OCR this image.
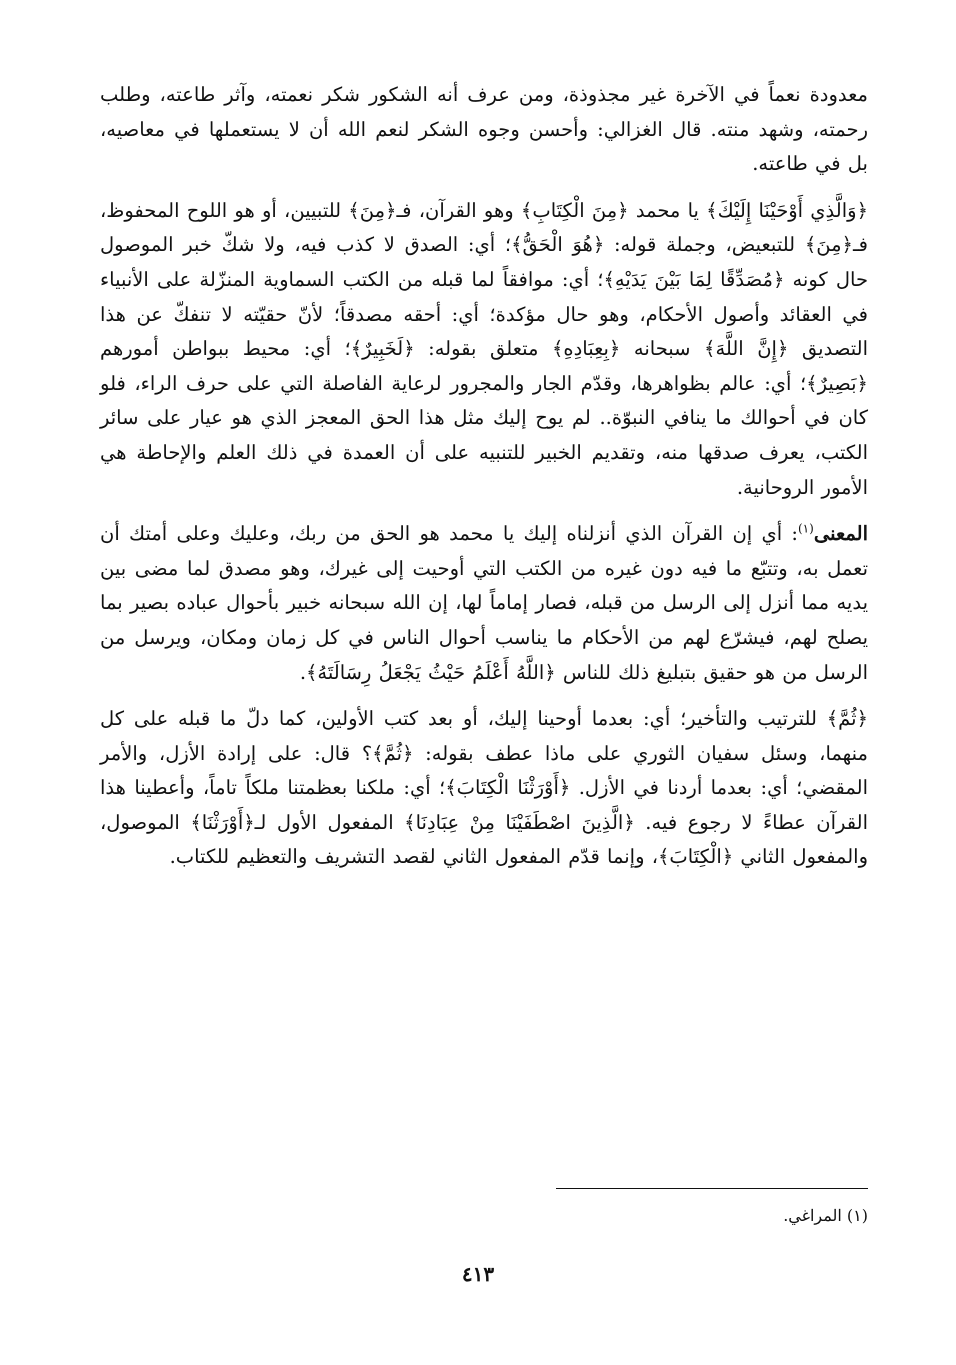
معدودة نعماً في الآخرة غير مجذوذة، ومن عرف أنه الشكور شكر نعمته، وآثر طاعته، وطلب رحمته، وشهد منته. قال الغزالي: وأحسن وجوه الشكر لنعم الله أن لا يستعملها في معاصيه، بل في طاعته.

﴿وَالَّذِي أَوْحَيْنَا إِلَيْكَ﴾ يا محمد ﴿مِنَ الْكِتَابِ﴾ وهو القرآن، فـ﴿مِنَ﴾ للتبيين، أو هو اللوح المحفوظ، فـ﴿مِنَ﴾ للتبعيض، وجملة قوله: ﴿هُوَ الْحَقُّ﴾؛ أي: الصدق لا كذب فيه، ولا شكّ خبر الموصول حال كونه ﴿مُصَدِّقًا لِمَا بَيْنَ يَدَيْهِ﴾؛ أي: موافقاً لما قبله من الكتب السماوية المنزّلة على الأنبياء في العقائد وأصول الأحكام، وهو حال مؤكدة؛ أي: أحقه مصدقاً؛ لأنّ حقيّته لا تنفكّ عن هذا التصديق ﴿إِنَّ اللَّهَ﴾ سبحانه ﴿بِعِبَادِهِ﴾ متعلق بقوله: ﴿لَخَبِيرٌ﴾؛ أي: محيط ببواطن أمورهم ﴿بَصِيرٌ﴾؛ أي: عالم بظواهرها، وقدّم الجار والمجرور لرعاية الفاصلة التي على حرف الراء، فلو كان في أحوالك ما ينافي النبوّة.. لم يوح إليك مثل هذا الحق المعجز الذي هو عيار على سائر الكتب، يعرف صدقها منه، وتقديم الخبير للتنبيه على أن العمدة في ذلك العلم والإحاطة هي الأمور الروحانية.

المعنى$^{(١)}$: أي إن القرآن الذي أنزلناه إليك يا محمد هو الحق من ربك، وعليك وعلى أمتك أن تعمل به، وتتبّع ما فيه دون غيره من الكتب التي أوحيت إلى غيرك، وهو مصدق لما مضى بين يديه مما أنزل إلى الرسل من قبله، فصار إماماً لها، إن الله سبحانه خبير بأحوال عباده بصير بما يصلح لهم، فيشرّع لهم من الأحكام ما يناسب أحوال الناس في كل زمان ومكان، ويرسل من الرسل من هو حقيق بتبليغ ذلك للناس ﴿اللَّهُ أَعْلَمُ حَيْثُ يَجْعَلُ رِسَالَتَهُ﴾.

﴿ثُمَّ﴾ للترتيب والتأخير؛ أي: بعدما أوحينا إليك، أو بعد كتب الأولين، كما دلّ ما قبله على كل منهما، وسئل سفيان الثوري على ماذا عطف بقوله: ﴿ثُمَّ﴾؟ قال: على إرادة الأزل، والأمر المقضي؛ أي: بعدما أردنا في الأزل. ﴿أَوْرَثْنَا الْكِتَابَ﴾؛ أي: ملكنا بعظمتنا ملكاً تاماً، وأعطينا هذا القرآن عطاءً لا رجوع فيه. ﴿الَّذِينَ اصْطَفَيْنَا مِنْ عِبَادِنَا﴾ المفعول الأول لـ﴿أَوْرَثْنَا﴾ الموصول، والمفعول الثاني ﴿الْكِتَابَ﴾، وإنما قدّم المفعول الثاني لقصد التشريف والتعظيم للكتاب.

(١) المراغي.
٤١٣
